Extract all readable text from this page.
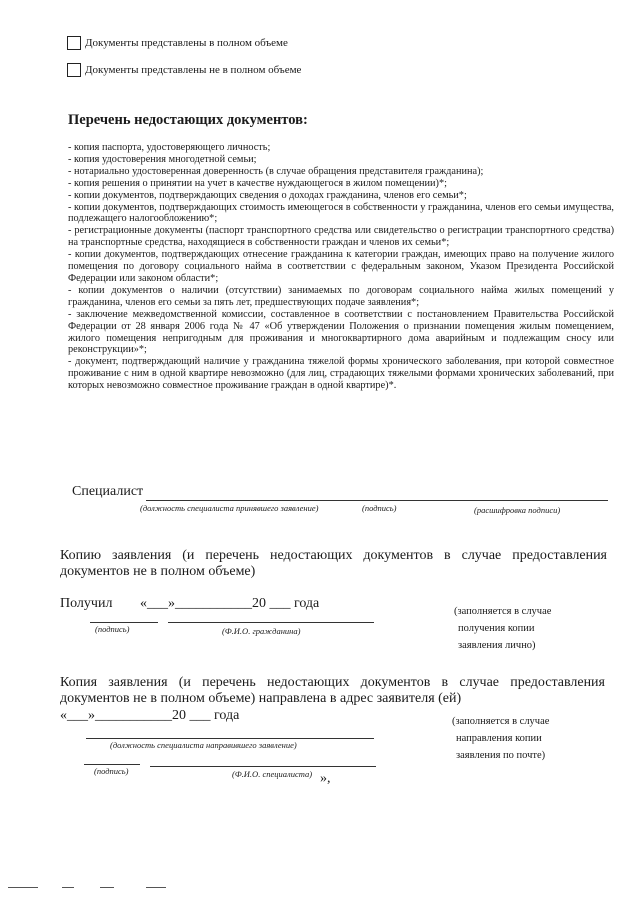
Документы представлены в полном объеме
Документы представлены не в полном объеме
Перечень недостающих документов:

- копия паспорта, удостоверяющего личность;

- копия удостоверения многодетной семьи;

- нотариально удостоверенная доверенность (в случае обращения представителя гражданина);

- копия решения о принятии на учет в качестве нуждающегося в жилом помещении)*;

- копии документов, подтверждающих сведения о доходах гражданина, членов его семьи*;

- копии документов, подтверждающих стоимость имеющегося в собственности у гражданина, членов его семьи имущества, подлежащего налогообложению*;

- регистрационные документы (паспорт транспортного средства или свидетельство о регистрации транспортного средства) на транспортные средства, находящиеся в собственности граждан и членов их семьи*;

- копии документов, подтверждающих отнесение гражданина к категории граждан, имеющих право на получение жилого помещения по договору социального найма в соответствии с федеральным законом, Указом Президента Российской Федерации или законом области*;

- копии документов о наличии (отсутствии) занимаемых по договорам социального найма жилых помещений у гражданина, членов его семьи за пять лет, предшествующих подаче заявления*;

- заключение межведомственной комиссии, составленное в соответствии с постановлением Правительства Российской Федерации от 28 января 2006 года № 47 «Об утверждении Положения о признании помещения жилым помещением, жилого помещения непригодным для проживания и многоквартирного дома аварийным и подлежащим сносу или реконструкции»*;

- документ, подтверждающий наличие у гражданина тяжелой формы хронического заболевания, при которой совместное проживание с ним в одной квартире невозможно (для лиц, страдающих тяжелыми формами хронических заболеваний, при которых невозможно совместное проживание граждан в одной квартире)*.

Специалист
(должность специалиста принявшего заявление)	(подпись)	(расшифровка подписи)
Копию заявления (и перечень недостающих документов в случае предоставления документов не в полном объеме)
Получил «___»___________20 ___ года
(подпись)	(Ф.И.О. гражданина)
(заполняется в случае
получения копии
заявления лично)
Копия заявления (и перечень недостающих документов в случае предоставления документов не в полном объеме) направлена в адрес заявителя (ей)
«___»___________20 ___ года
(должность специалиста направившего заявление)
(подпись)	(Ф.И.О. специалиста) »,
(заполняется в случае
направления копии
заявления по почте)
